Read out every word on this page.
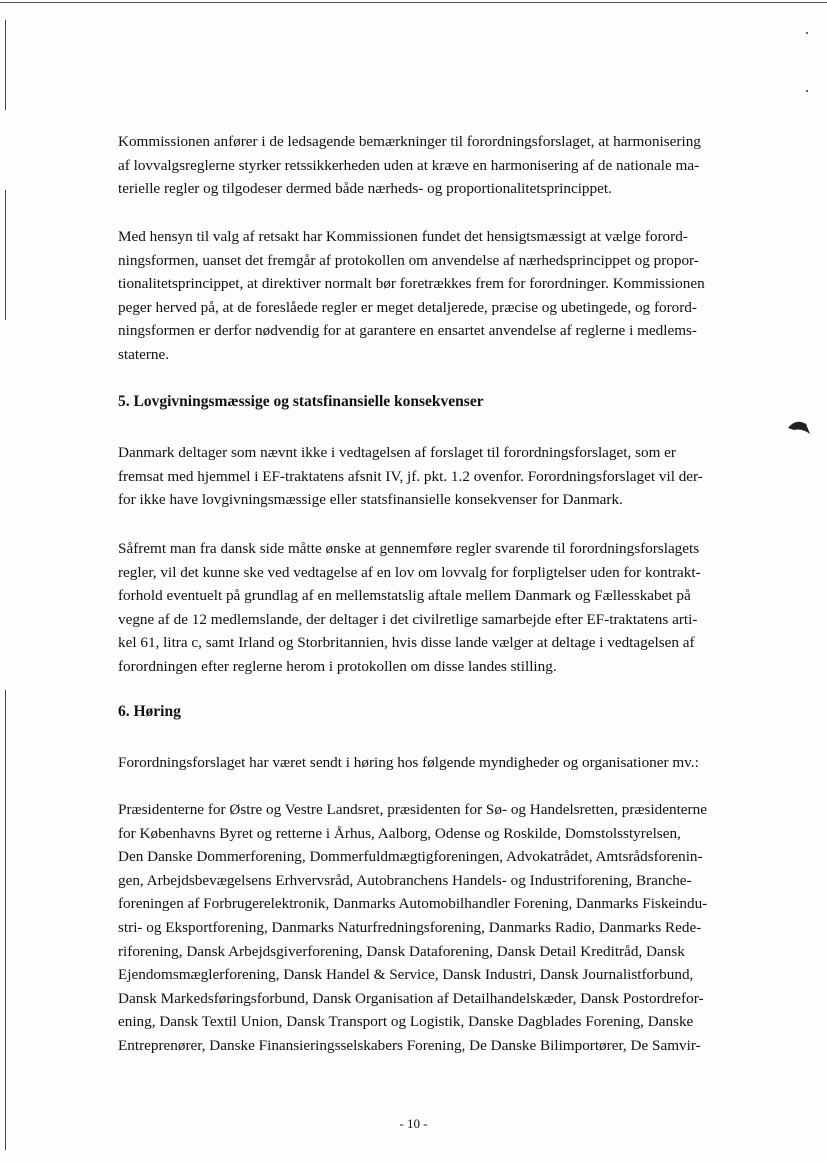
Kommissionen anfører i de ledsagende bemærkninger til forordningsforslaget, at harmonisering
af lovvalgsreglerne styrker retssikkerheden uden at kræve en harmonisering af de nationale ma-
terielle regler og tilgodeser dermed både nærheds- og proportionalitetsprincippet.

Med hensyn til valg af retsakt har Kommissionen fundet det hensigtsmæssigt at vælge forord-
ningsformen, uanset det fremgår af protokollen om anvendelse af nærhedsprincippet og propor-
tionalitetsprincippet, at direktiver normalt bør foretrækkes frem for forordninger. Kommissionen
peger herved på, at de foreslåede regler er meget detaljerede, præcise og ubetingede, og forord-
ningsformen er derfor nødvendig for at garantere en ensartet anvendelse af reglerne i medlems-
staterne.

5. Lovgivningsmæssige og statsfinansielle konsekvenser

Danmark deltager som nævnt ikke i vedtagelsen af forslaget til forordningsforslaget, som er
fremsat med hjemmel i EF-traktatens afsnit IV, jf. pkt. 1.2 ovenfor. Forordningsforslaget vil der-
for ikke have lovgivningsmæssige eller statsfinansielle konsekvenser for Danmark.

Såfremt man fra dansk side måtte ønske at gennemføre regler svarende til forordningsforslagets
regler, vil det kunne ske ved vedtagelse af en lov om lovvalg for forpligtelser uden for kontrakt-
forhold eventuelt på grundlag af en mellemstatslig aftale mellem Danmark og Fællesskabet på
vegne af de 12 medlemslande, der deltager i det civilretlige samarbejde efter EF-traktatens arti-
kel 61, litra c, samt Irland og Storbritannien, hvis disse lande vælger at deltage i vedtagelsen af
forordningen efter reglerne herom i protokollen om disse landes stilling.

6. Høring

Forordningsforslaget har været sendt i høring hos følgende myndigheder og organisationer mv.:

Præsidenterne for Østre og Vestre Landsret, præsidenten for Sø- og Handelsretten, præsidenterne
for Københavns Byret og retterne i Århus, Aalborg, Odense og Roskilde, Domstolsstyrelsen,
Den Danske Dommerforening, Dommerfuldmægtigforeningen, Advokatrådet, Amtsrådsforenin-
gen, Arbejdsbevægelsens Erhvervsråd, Autobranchens Handels- og Industriforening, Branche-
foreningen af Forbrugerelektronik, Danmarks Automobilhandler Forening, Danmarks Fiskeindu-
stri- og Eksportforening, Danmarks Naturfredningsforening, Danmarks Radio, Danmarks Rede-
riforening, Dansk Arbejdsgiverforening, Dansk Dataforening, Dansk Detail Kreditråd, Dansk
Ejendomsmæglerforening, Dansk Handel & Service, Dansk Industri, Dansk Journalistforbund,
Dansk Markedsføringsforbund, Dansk Organisation af Detailhandelskæder, Dansk Postordrefor-
ening, Dansk Textil Union, Dansk Transport og Logistik, Danske Dagblades Forening, Danske
Entreprenører, Danske Finansieringsselskabers Forening, De Danske Bilimportører, De Samvir-

- 10 -
